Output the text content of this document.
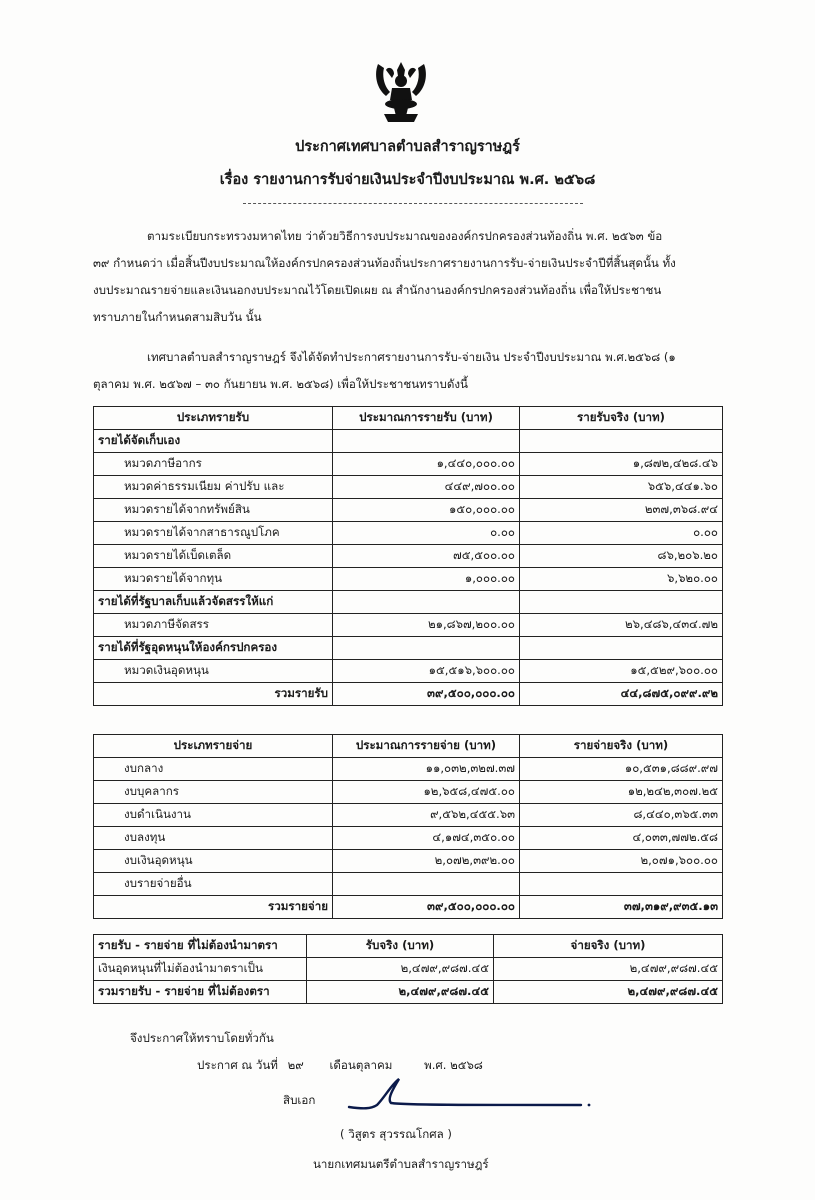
ประกาศเทศบาลตำบลสำราญราษฎร์
เรื่อง รายงานการรับจ่ายเงินประจำปีงบประมาณ พ.ศ. ๒๕๖๘
ตามระเบียบกระทรวงมหาดไทย ว่าด้วยวิธีการงบประมาณขององค์กรปกครองส่วนท้องถิ่น พ.ศ. ๒๕๖๓ ข้อ
๓๙ กำหนดว่า เมื่อสิ้นปีงบประมาณให้องค์กรปกครองส่วนท้องถิ่นประกาศรายงานการรับ-จ่ายเงินประจำปีที่สิ้นสุดนั้น ทั้ง
งบประมาณรายจ่ายและเงินนอกงบประมาณไว้โดยเปิดเผย ณ สำนักงานองค์กรปกครองส่วนท้องถิ่น เพื่อให้ประชาชน
ทราบภายในกำหนดสามสิบวัน นั้น
เทศบาลตำบลสำราญราษฎร์ จึงได้จัดทำประกาศรายงานการรับ-จ่ายเงิน ประจำปีงบประมาณ พ.ศ.๒๕๖๘ (๑
ตุลาคม พ.ศ. ๒๕๖๗ – ๓๐ กันยายน พ.ศ. ๒๕๖๘) เพื่อให้ประชาชนทราบดังนี้
ประเภทรายรับ	ประมาณการรายรับ (บาท)	รายรับจริง (บาท)
รายได้จัดเก็บเอง		
หมวดภาษีอากร	๑,๔๔๐,๐๐๐.๐๐	๑,๘๗๒,๔๒๘.๔๖
หมวดค่าธรรมเนียม ค่าปรับ และ	๔๔๙,๗๐๐.๐๐	๖๕๖,๔๔๑.๖๐
หมวดรายได้จากทรัพย์สิน	๑๕๐,๐๐๐.๐๐	๒๓๗,๓๖๘.๙๔
หมวดรายได้จากสาธารณูปโภค	๐.๐๐	๐.๐๐
หมวดรายได้เบ็ดเตล็ด	๗๕,๕๐๐.๐๐	๘๖,๒๐๖.๒๐
หมวดรายได้จากทุน	๑,๐๐๐.๐๐	๖,๖๒๐.๐๐
รายได้ที่รัฐบาลเก็บแล้วจัดสรรให้แก่		
หมวดภาษีจัดสรร	๒๑,๘๖๗,๒๐๐.๐๐	๒๖,๔๘๖,๔๓๔.๗๒
รายได้ที่รัฐอุดหนุนให้องค์กรปกครอง		
หมวดเงินอุดหนุน	๑๕,๕๑๖,๖๐๐.๐๐	๑๕,๕๒๙,๖๐๐.๐๐
รวมรายรับ	๓๙,๕๐๐,๐๐๐.๐๐	๔๔,๘๗๕,๐๙๙.๙๒
ประเภทรายจ่าย	ประมาณการรายจ่าย (บาท)	รายจ่ายจริง (บาท)
งบกลาง	๑๑,๐๓๒,๓๒๗.๓๗	๑๐,๕๓๑,๘๘๙.๙๗
งบบุคลากร	๑๒,๖๕๘,๔๗๕.๐๐	๑๒,๒๔๒,๓๐๗.๒๕
งบดำเนินงาน	๙,๕๖๒,๔๕๕.๖๓	๘,๔๔๐,๓๖๕.๓๓
งบลงทุน	๔,๑๗๔,๓๕๐.๐๐	๔,๐๓๓,๗๗๒.๕๘
งบเงินอุดหนุน	๒,๐๗๒,๓๙๒.๐๐	๒,๐๗๑,๖๐๐.๐๐
งบรายจ่ายอื่น		
รวมรายจ่าย	๓๙,๕๐๐,๐๐๐.๐๐	๓๗,๓๑๙,๙๓๕.๑๓
รายรับ - รายจ่าย ที่ไม่ต้องนำมาตรา	รับจริง (บาท)	จ่ายจริง (บาท)
เงินอุดหนุนที่ไม่ต้องนำมาตราเป็น	๒,๔๗๙,๙๘๗.๔๕	๒,๔๗๙,๙๘๗.๔๕
รวมรายรับ - รายจ่าย ที่ไม่ต้องตรา	๒,๔๗๙,๙๘๗.๔๕	๒,๔๗๙,๙๘๗.๔๕
จึงประกาศให้ทราบโดยทั่วกัน
ประกาศ ณ วันที่ ๒๙ เดือนตุลาคม	พ.ศ. ๒๕๖๘
สิบเอก
( วิสูตร สุวรรณโกศล )
นายกเทศมนตรีตำบลสำราญราษฎร์
